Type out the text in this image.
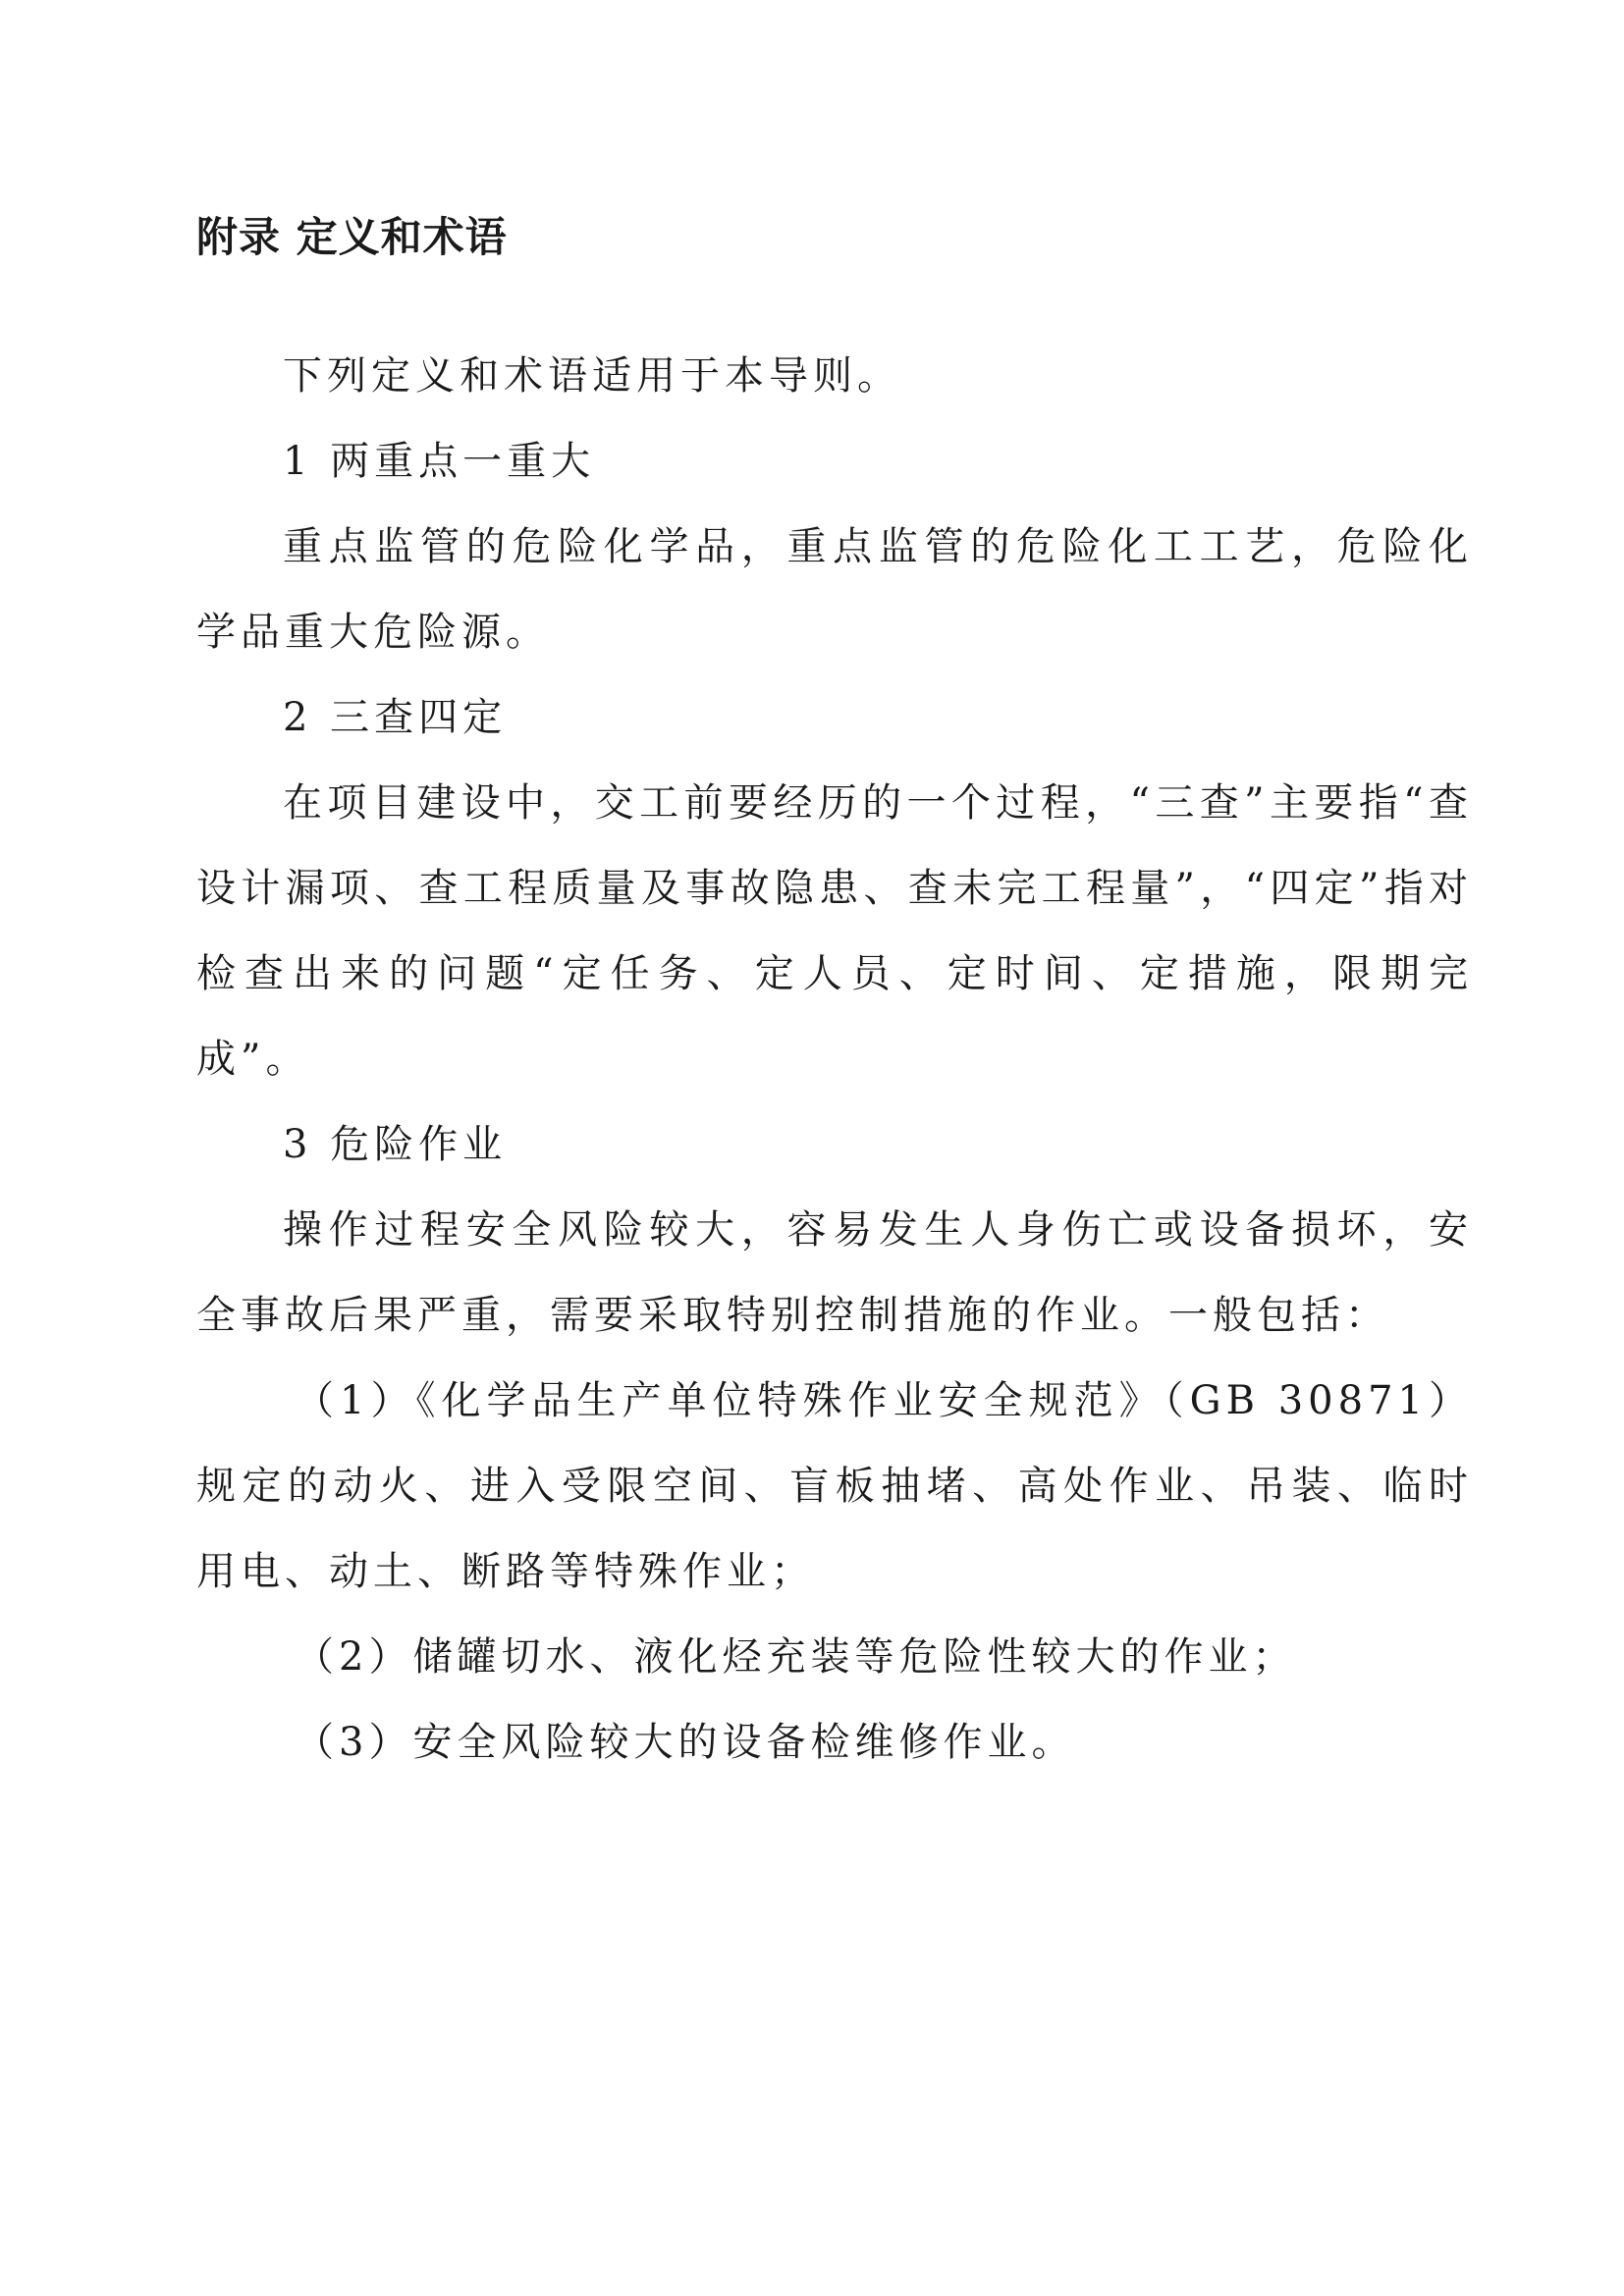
附录 定义和术语

下列定义和术语适用于本导则。

1 两重点一重大

重点监管的危险化学品，重点监管的危险化工工艺，危险化学品重大危险源。

2 三查四定

在项目建设中，交工前要经历的一个过程，“三查”主要指“查设计漏项、查工程质量及事故隐患、查未完工程量”，“四定”指对检查出来的问题“定任务、定人员、定时间、定措施，限期完成”。

3 危险作业

操作过程安全风险较大，容易发生人身伤亡或设备损坏，安全事故后果严重，需要采取特别控制措施的作业。一般包括：

（1）《化学品生产单位特殊作业安全规范》（GB 30871）规定的动火、进入受限空间、盲板抽堵、高处作业、吊装、临时用电、动土、断路等特殊作业；

（2）储罐切水、液化烃充装等危险性较大的作业；

（3）安全风险较大的设备检维修作业。
